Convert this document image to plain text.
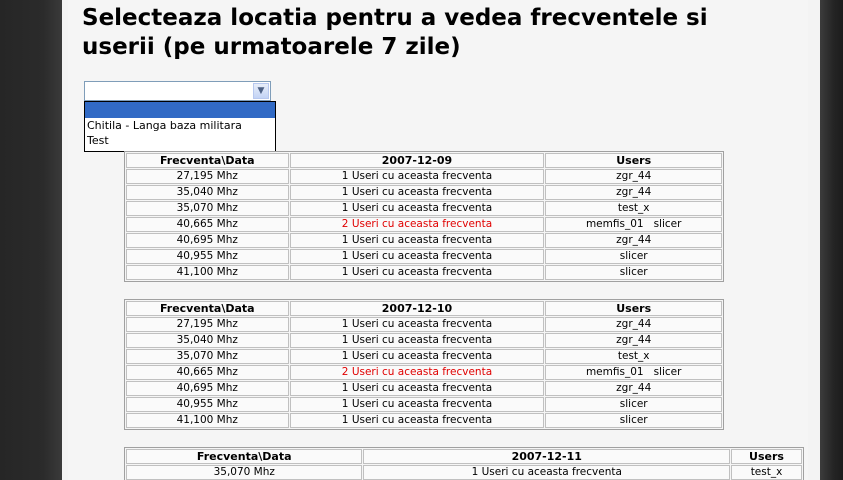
Selecteaza locatia pentru a vedea frecventele si userii (pe urmatoarele 7 zile)
▼
Chitila - Langa baza militara
Test
Frecventa\Data	2007-12-09	Users
27,195 Mhz	1 Useri cu aceasta frecventa	zgr_44
35,040 Mhz	1 Useri cu aceasta frecventa	zgr_44
35,070 Mhz	1 Useri cu aceasta frecventa	test_x
40,665 Mhz	2 Useri cu aceasta frecventa	memfis_01   slicer
40,695 Mhz	1 Useri cu aceasta frecventa	zgr_44
40,955 Mhz	1 Useri cu aceasta frecventa	slicer
41,100 Mhz	1 Useri cu aceasta frecventa	slicer
Frecventa\Data	2007-12-10	Users
27,195 Mhz	1 Useri cu aceasta frecventa	zgr_44
35,040 Mhz	1 Useri cu aceasta frecventa	zgr_44
35,070 Mhz	1 Useri cu aceasta frecventa	test_x
40,665 Mhz	2 Useri cu aceasta frecventa	memfis_01   slicer
40,695 Mhz	1 Useri cu aceasta frecventa	zgr_44
40,955 Mhz	1 Useri cu aceasta frecventa	slicer
41,100 Mhz	1 Useri cu aceasta frecventa	slicer
Frecventa\Data	2007-12-11	Users
35,070 Mhz	1 Useri cu aceasta frecventa	test_x
